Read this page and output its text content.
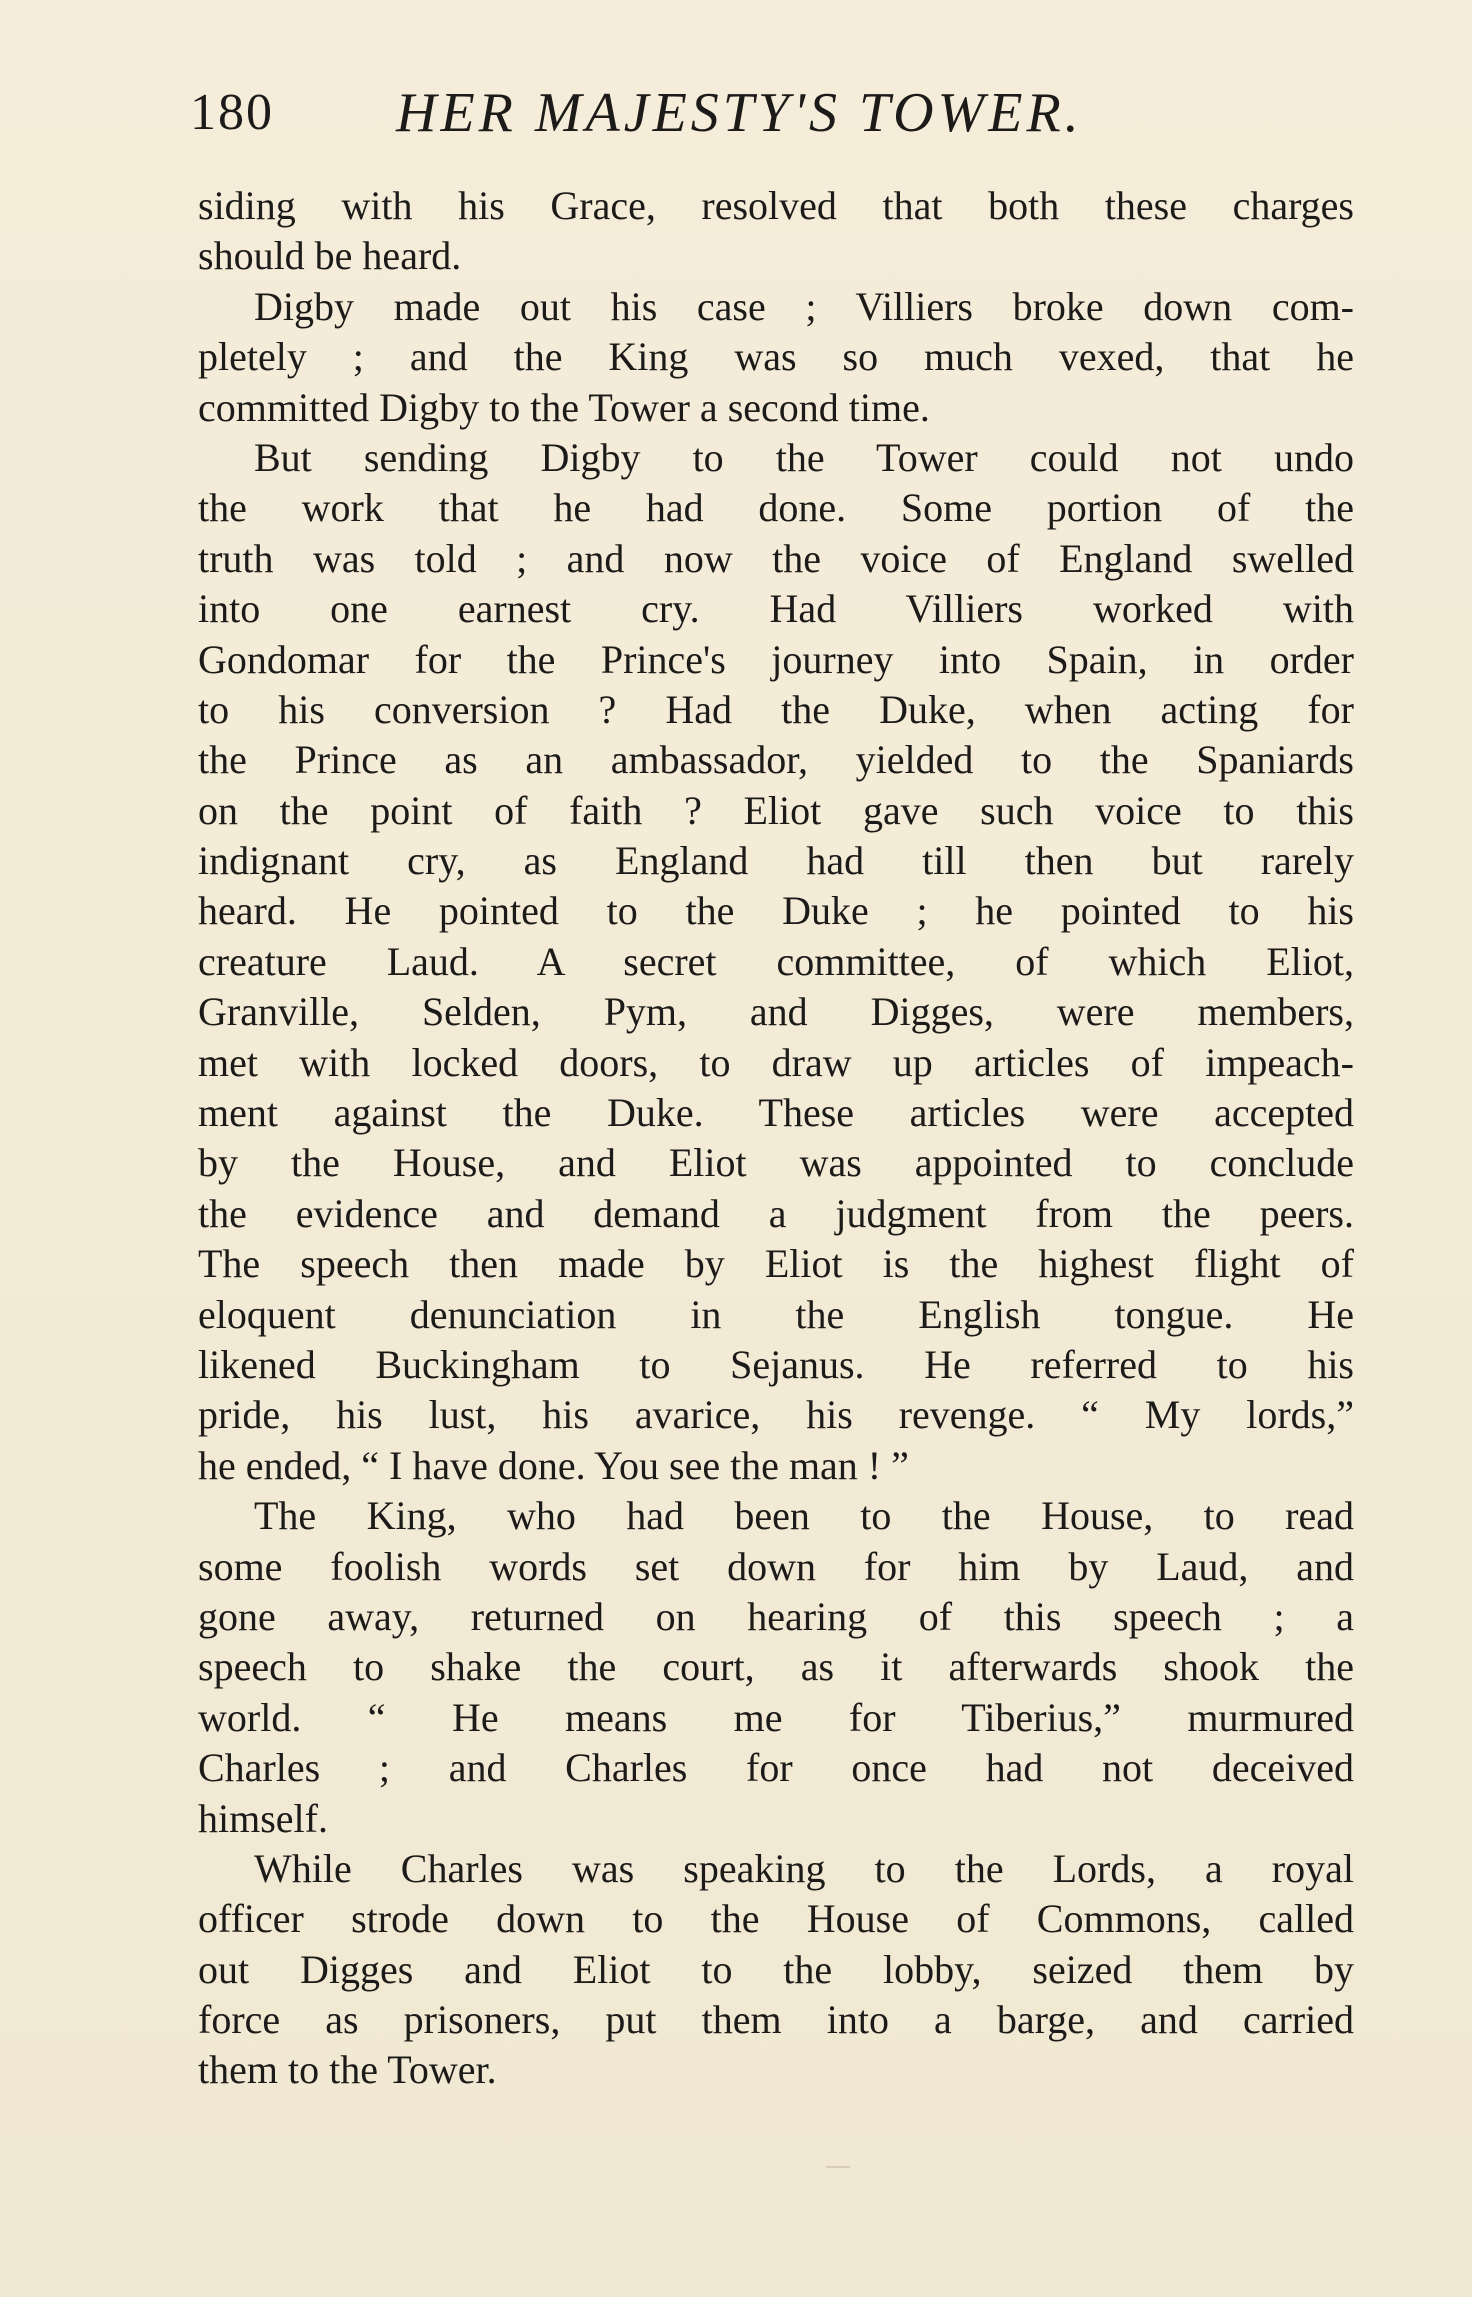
180 HER MAJESTY'S TOWER.
siding with his Grace, resolved that both these charges
should be heard.
Digby made out his case ; Villiers broke down com-
pletely ; and the King was so much vexed, that he
committed Digby to the Tower a second time.
But sending Digby to the Tower could not undo
the work that he had done. Some portion of the
truth was told ; and now the voice of England swelled
into one earnest cry. Had Villiers worked with
Gondomar for the Prince's journey into Spain, in order
to his conversion ? Had the Duke, when acting for
the Prince as an ambassador, yielded to the Spaniards
on the point of faith ? Eliot gave such voice to this
indignant cry, as England had till then but rarely
heard. He pointed to the Duke ; he pointed to his
creature Laud. A secret committee, of which Eliot,
Granville, Selden, Pym, and Digges, were members,
met with locked doors, to draw up articles of impeach-
ment against the Duke. These articles were accepted
by the House, and Eliot was appointed to conclude
the evidence and demand a judgment from the peers.
The speech then made by Eliot is the highest flight of
eloquent denunciation in the English tongue. He
likened Buckingham to Sejanus. He referred to his
pride, his lust, his avarice, his revenge. “ My lords,”
he ended, “ I have done. You see the man ! ”
The King, who had been to the House, to read
some foolish words set down for him by Laud, and
gone away, returned on hearing of this speech ; a
speech to shake the court, as it afterwards shook the
world. “ He means me for Tiberius,” murmured
Charles ; and Charles for once had not deceived
himself.
While Charles was speaking to the Lords, a royal
officer strode down to the House of Commons, called
out Digges and Eliot to the lobby, seized them by
force as prisoners, put them into a barge, and carried
them to the Tower.
